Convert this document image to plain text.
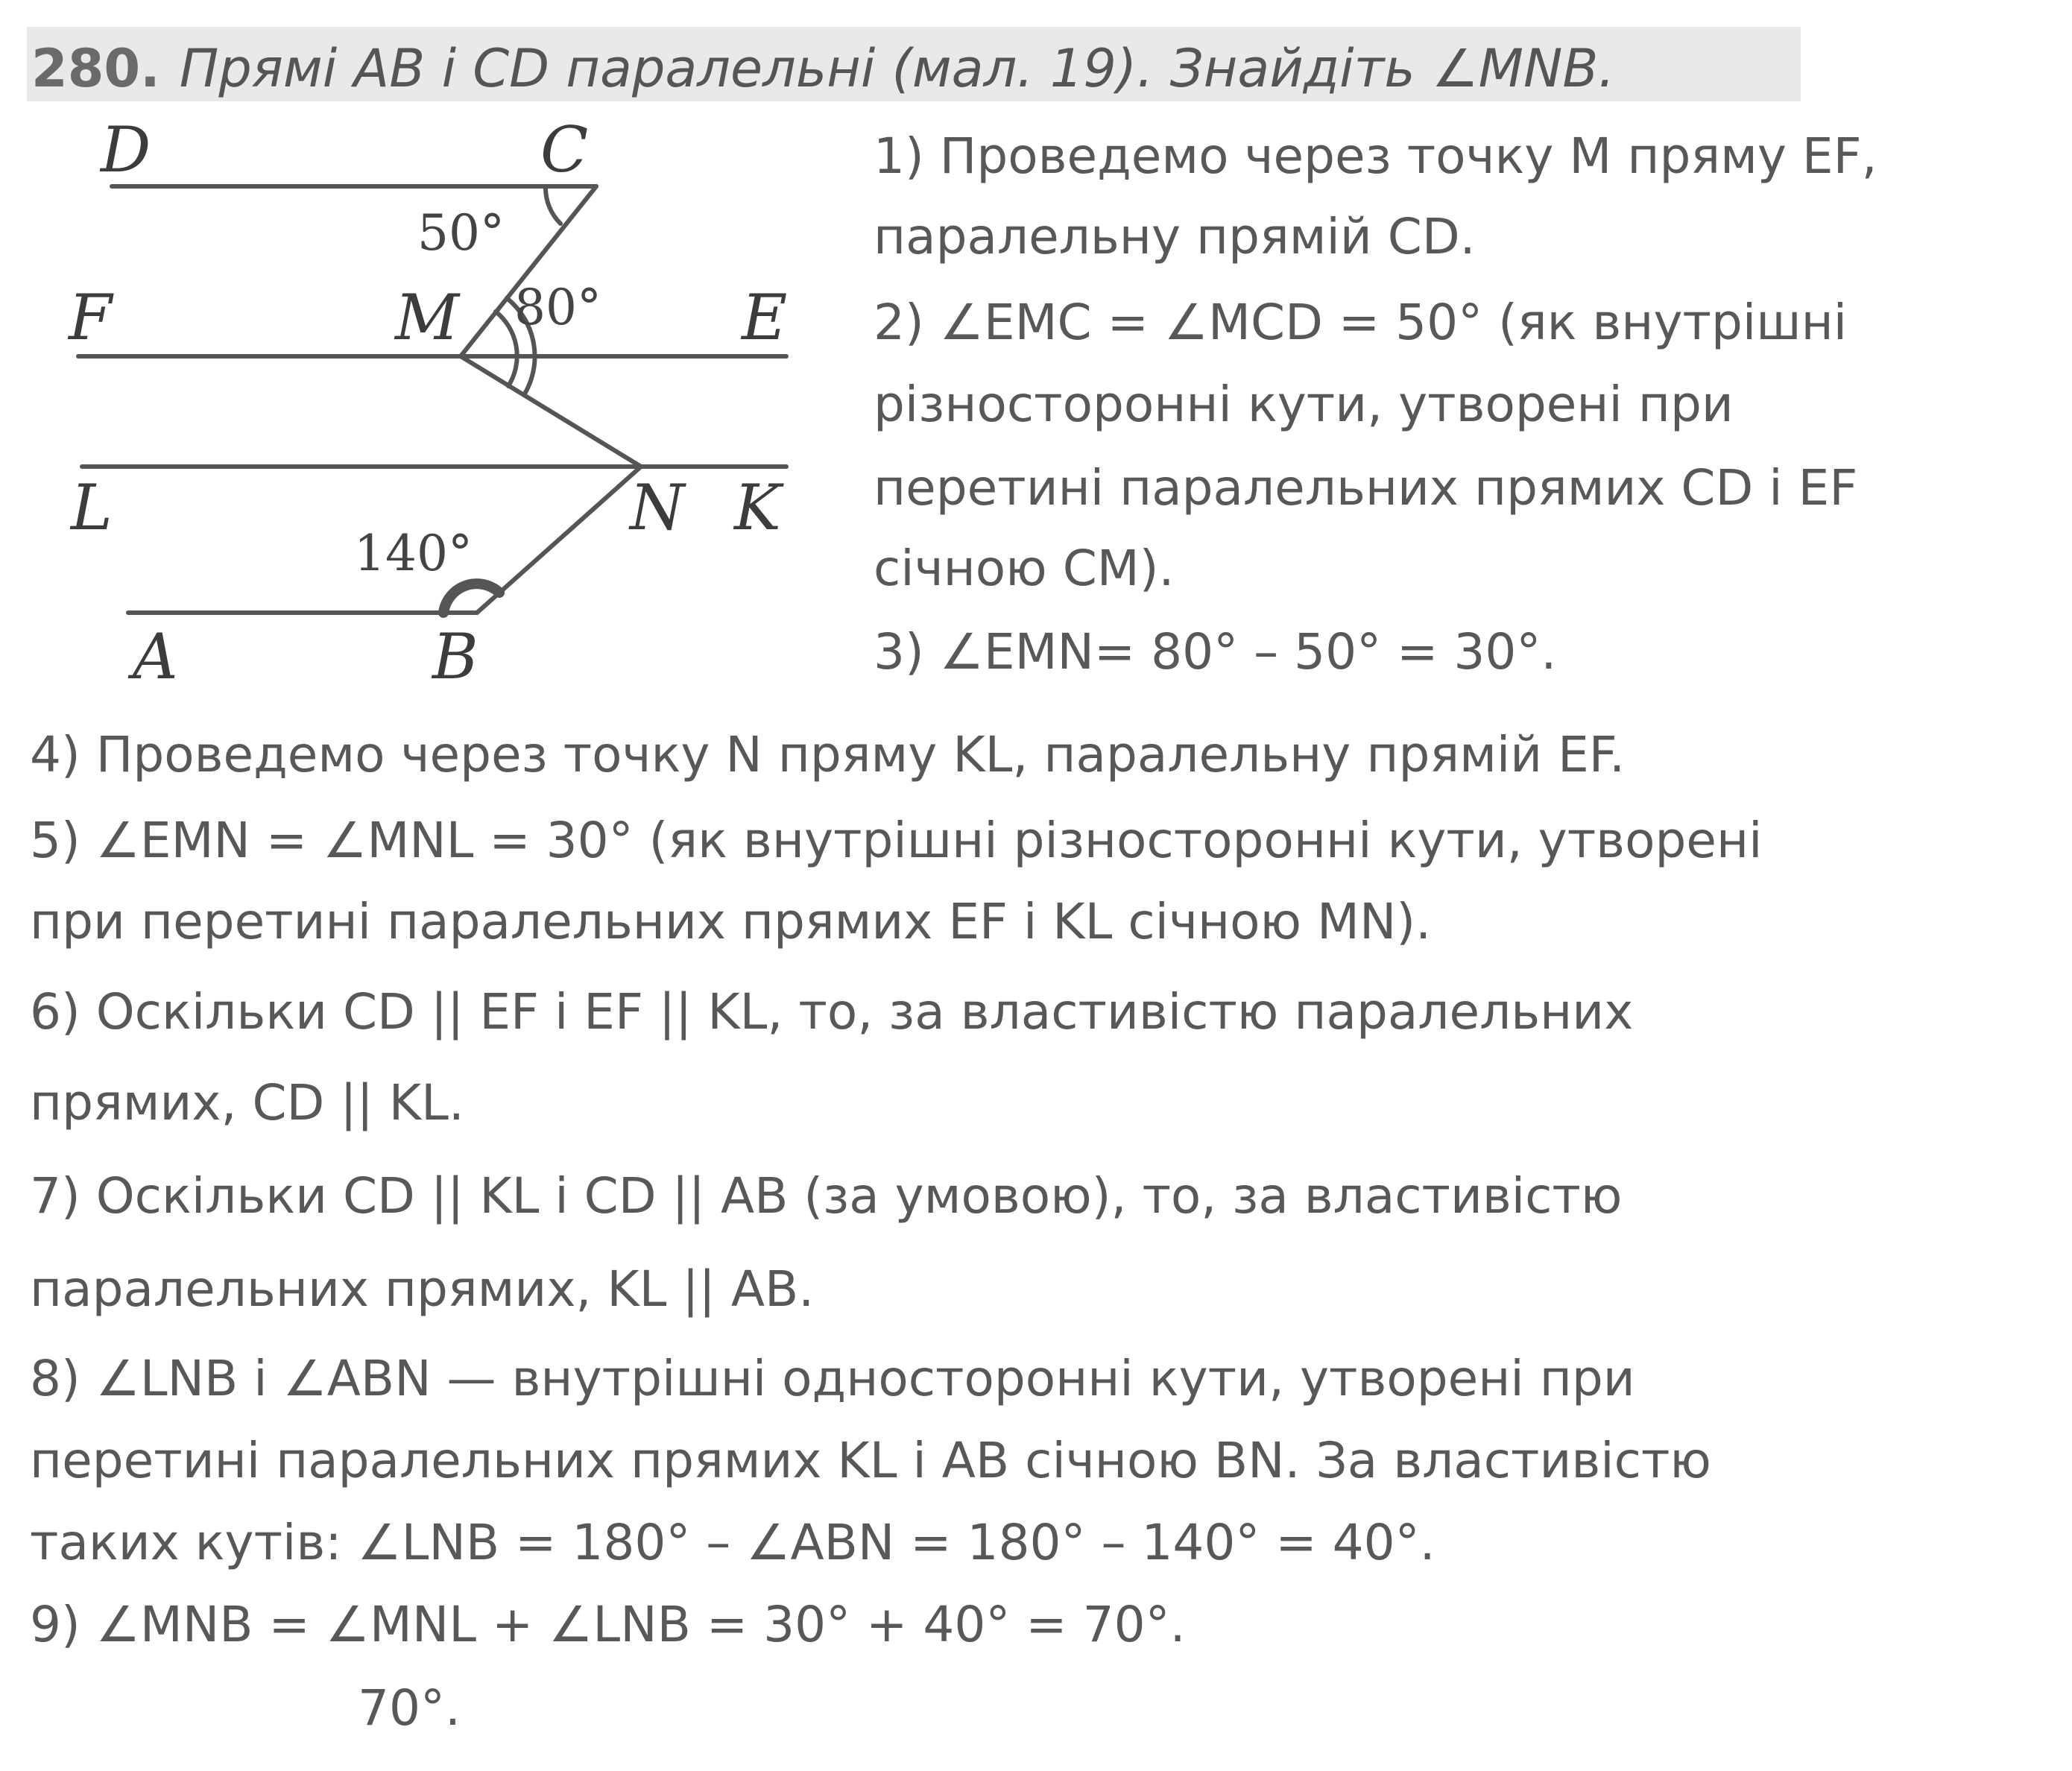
280. Прямі AB і CD паралельні (мал. 19). Знайдіть ∠MNB.
D	C
F	M	E
L	N K
A	B
50°
80°
140°
1) Проведемо через точку M пряму EF,
паралельну прямій CD.
2) ∠EMC = ∠MCD = 50° (як внутрішні
різносторонні кути, утворені при
перетині паралельних прямих CD і EF
січною CM).
3) ∠EMN= 80° – 50° = 30°.
4) Проведемо через точку N пряму KL, паралельну прямій EF.
5) ∠EMN = ∠MNL = 30° (як внутрішні різносторонні кути, утворені
при перетині паралельних прямих EF і KL січною MN).
6) Оскільки CD || EF і EF || KL, то, за властивістю паралельних
прямих, CD || KL.
7) Оскільки CD || KL і CD || AB (за умовою), то, за властивістю
паралельних прямих, KL || AB.
8) ∠LNB і ∠ABN — внутрішні односторонні кути, утворені при
перетині паралельних прямих KL і AB січною BN. За властивістю
таких кутів: ∠LNB = 180° – ∠ABN = 180° – 140° = 40°.
9) ∠MNB = ∠MNL + ∠LNB = 30° + 40° = 70°.
70°.
